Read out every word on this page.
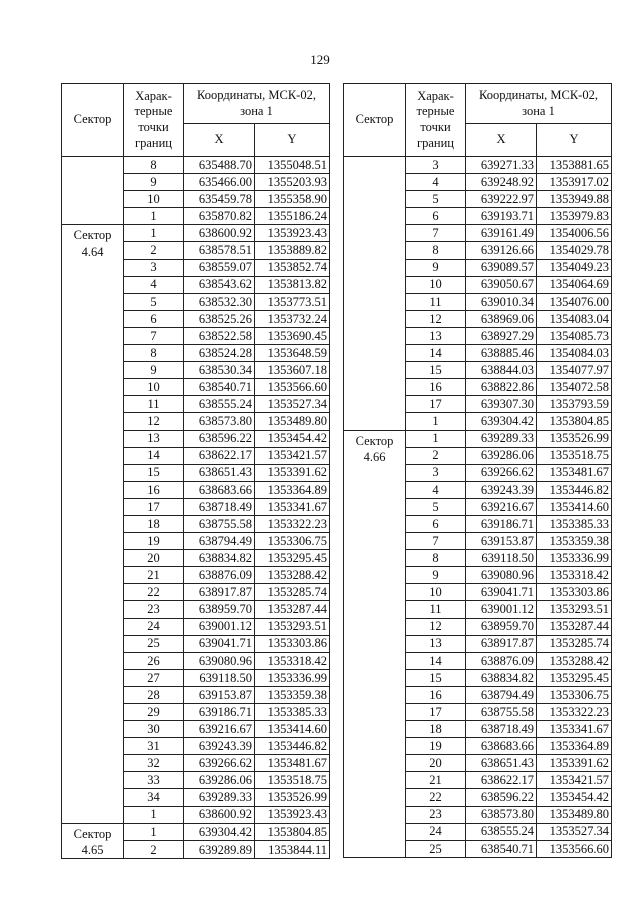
129
Сектор	Харак-терные точки границ	Координаты, МСК-02, зона 1	
		X	Y
	8	635488.70	1355048.51
	9	635466.00	1355203.93
	10	635459.78	1355358.90
	1	635870.82	1355186.24
Сектор 4.64	1	638600.92	1353923.43
	2	638578.51	1353889.82
	3	638559.07	1353852.74
	4	638543.62	1353813.82
	5	638532.30	1353773.51
	6	638525.26	1353732.24
	7	638522.58	1353690.45
	8	638524.28	1353648.59
	9	638530.34	1353607.18
	10	638540.71	1353566.60
	11	638555.24	1353527.34
	12	638573.80	1353489.80
	13	638596.22	1353454.42
	14	638622.17	1353421.57
	15	638651.43	1353391.62
	16	638683.66	1353364.89
	17	638718.49	1353341.67
	18	638755.58	1353322.23
	19	638794.49	1353306.75
	20	638834.82	1353295.45
	21	638876.09	1353288.42
	22	638917.87	1353285.74
	23	638959.70	1353287.44
	24	639001.12	1353293.51
	25	639041.71	1353303.86
	26	639080.96	1353318.42
	27	639118.50	1353336.99
	28	639153.87	1353359.38
	29	639186.71	1353385.33
	30	639216.67	1353414.60
	31	639243.39	1353446.82
	32	639266.62	1353481.67
	33	639286.06	1353518.75
	34	639289.33	1353526.99
	1	638600.92	1353923.43
Сектор 4.65	1	639304.42	1353804.85
	2	639289.89	1353844.11
Сектор	Харак-терные точки границ	Координаты, МСК-02, зона 1	
		X	Y
	3	639271.33	1353881.65
	4	639248.92	1353917.02
	5	639222.97	1353949.88
	6	639193.71	1353979.83
	7	639161.49	1354006.56
	8	639126.66	1354029.78
	9	639089.57	1354049.23
	10	639050.67	1354064.69
	11	639010.34	1354076.00
	12	638969.06	1354083.04
	13	638927.29	1354085.73
	14	638885.46	1354084.03
	15	638844.03	1354077.97
	16	638822.86	1354072.58
	17	639307.30	1353793.59
	1	639304.42	1353804.85
Сектор 4.66	1	639289.33	1353526.99
	2	639286.06	1353518.75
	3	639266.62	1353481.67
	4	639243.39	1353446.82
	5	639216.67	1353414.60
	6	639186.71	1353385.33
	7	639153.87	1353359.38
	8	639118.50	1353336.99
	9	639080.96	1353318.42
	10	639041.71	1353303.86
	11	639001.12	1353293.51
	12	638959.70	1353287.44
	13	638917.87	1353285.74
	14	638876.09	1353288.42
	15	638834.82	1353295.45
	16	638794.49	1353306.75
	17	638755.58	1353322.23
	18	638718.49	1353341.67
	19	638683.66	1353364.89
	20	638651.43	1353391.62
	21	638622.17	1353421.57
	22	638596.22	1353454.42
	23	638573.80	1353489.80
	24	638555.24	1353527.34
	25	638540.71	1353566.60
